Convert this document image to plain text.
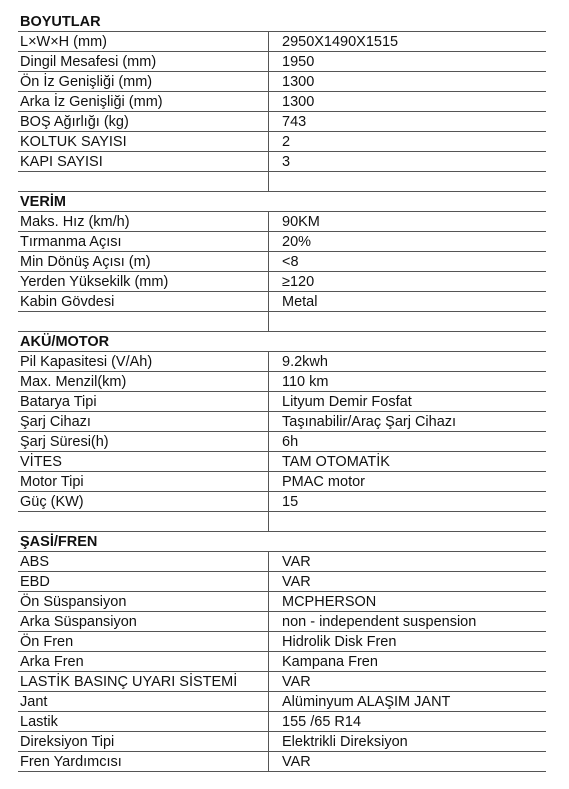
BOYUTLAR
L×W×H (mm)	2950X1490X1515
Dingil Mesafesi (mm)	1950
Ön İz Genişliği (mm)	1300
Arka İz Genişliği (mm)	1300
BOŞ Ağırlığı (kg)	743
KOLTUK SAYISI	2
KAPI SAYISI	3
VERİM
Maks. Hız (km/h)	90KM
Tırmanma Açısı	20%
Min Dönüş Açısı (m)	<8
Yerden Yüksekilk (mm)	≥120
Kabin Gövdesi	Metal
AKÜ/MOTOR
Pil Kapasitesi (V/Ah)	9.2kwh
Max. Menzil(km)	110 km
Batarya Tipi	Lityum Demir Fosfat
Şarj Cihazı	Taşınabilir/Araç Şarj Cihazı
Şarj Süresi(h)	6h
VİTES	TAM OTOMATİK
Motor Tipi	PMAC motor
Güç (KW)	15
ŞASİ/FREN
ABS	VAR
EBD	VAR
Ön Süspansiyon	MCPHERSON
Arka Süspansiyon	non - independent suspension
Ön Fren	Hidrolik Disk Fren
Arka Fren	Kampana Fren
LASTİK BASINÇ UYARI SİSTEMİ	VAR
Jant	Alüminyum ALAŞIM JANT
Lastik	155 /65 R14
Direksiyon Tipi	Elektrikli Direksiyon
Fren Yardımcısı	VAR
